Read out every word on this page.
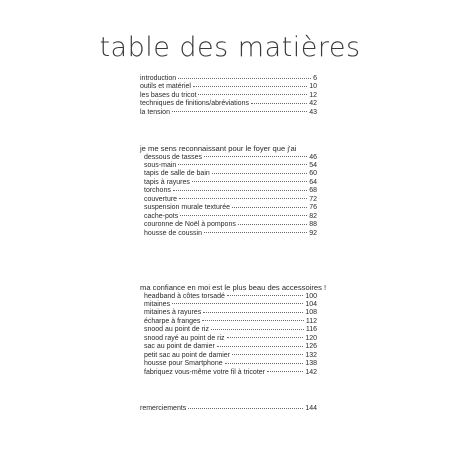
table des matières
introduction	6
outils et matériel	10
les bases du tricot	12
techniques de finitions/abréviations	42
la tension	43
je me sens reconnaissant pour le foyer que j'ai
dessous de tasses	46
sous-main	54
tapis de salle de bain	60
tapis à rayures	64
torchons	68
couverture	72
suspension murale texturée	76
cache-pots	82
couronne de Noël à pompons	88
housse de coussin	92
ma confiance en moi est le plus beau des accessoires !
headband à côtes torsadé	100
mitaines	104
mitaines à rayures	108
écharpe à franges	112
snood au point de riz	116
snood rayé au point de riz	120
sac au point de damier	126
petit sac au point de damier	132
housse pour Smartphone	138
fabriquez vous-même votre fil à tricoter	142
remerciements	144
